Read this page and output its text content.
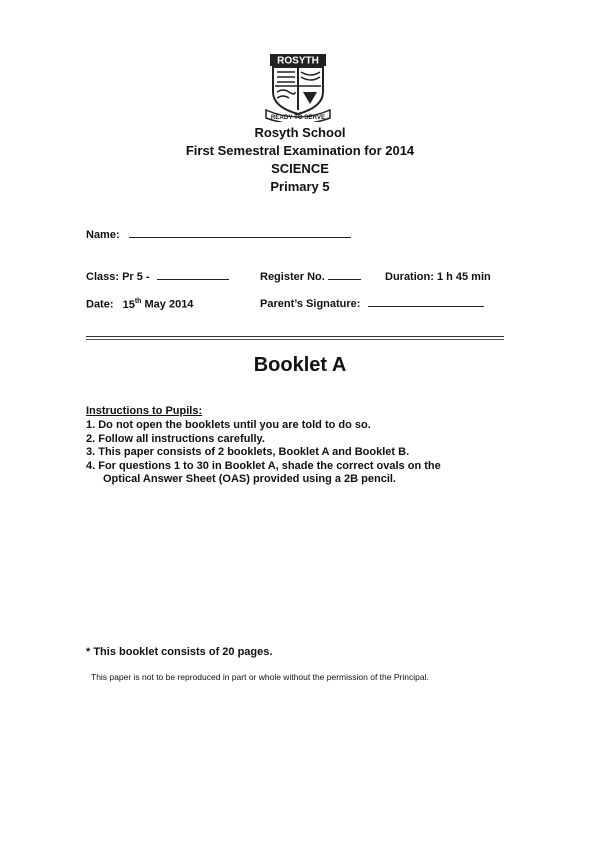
ROSYTH
READY TO SERVE
Rosyth School
First Semestral Examination for 2014
SCIENCE
Primary 5
Name:
Class: Pr 5 -	Register No.	Duration: 1 h 45 min
Date: 15th May 2014	Parent’s Signature:
Booklet A
Instructions to Pupils:
1. Do not open the booklets until you are told to do so.
2. Follow all instructions carefully.
3. This paper consists of 2 booklets, Booklet A and Booklet B.
4. For questions 1 to 30 in Booklet A, shade the correct ovals on the
Optical Answer Sheet (OAS) provided using a 2B pencil.
* This booklet consists of 20 pages.
This paper is not to be reproduced in part or whole without the permission of the Principal.
